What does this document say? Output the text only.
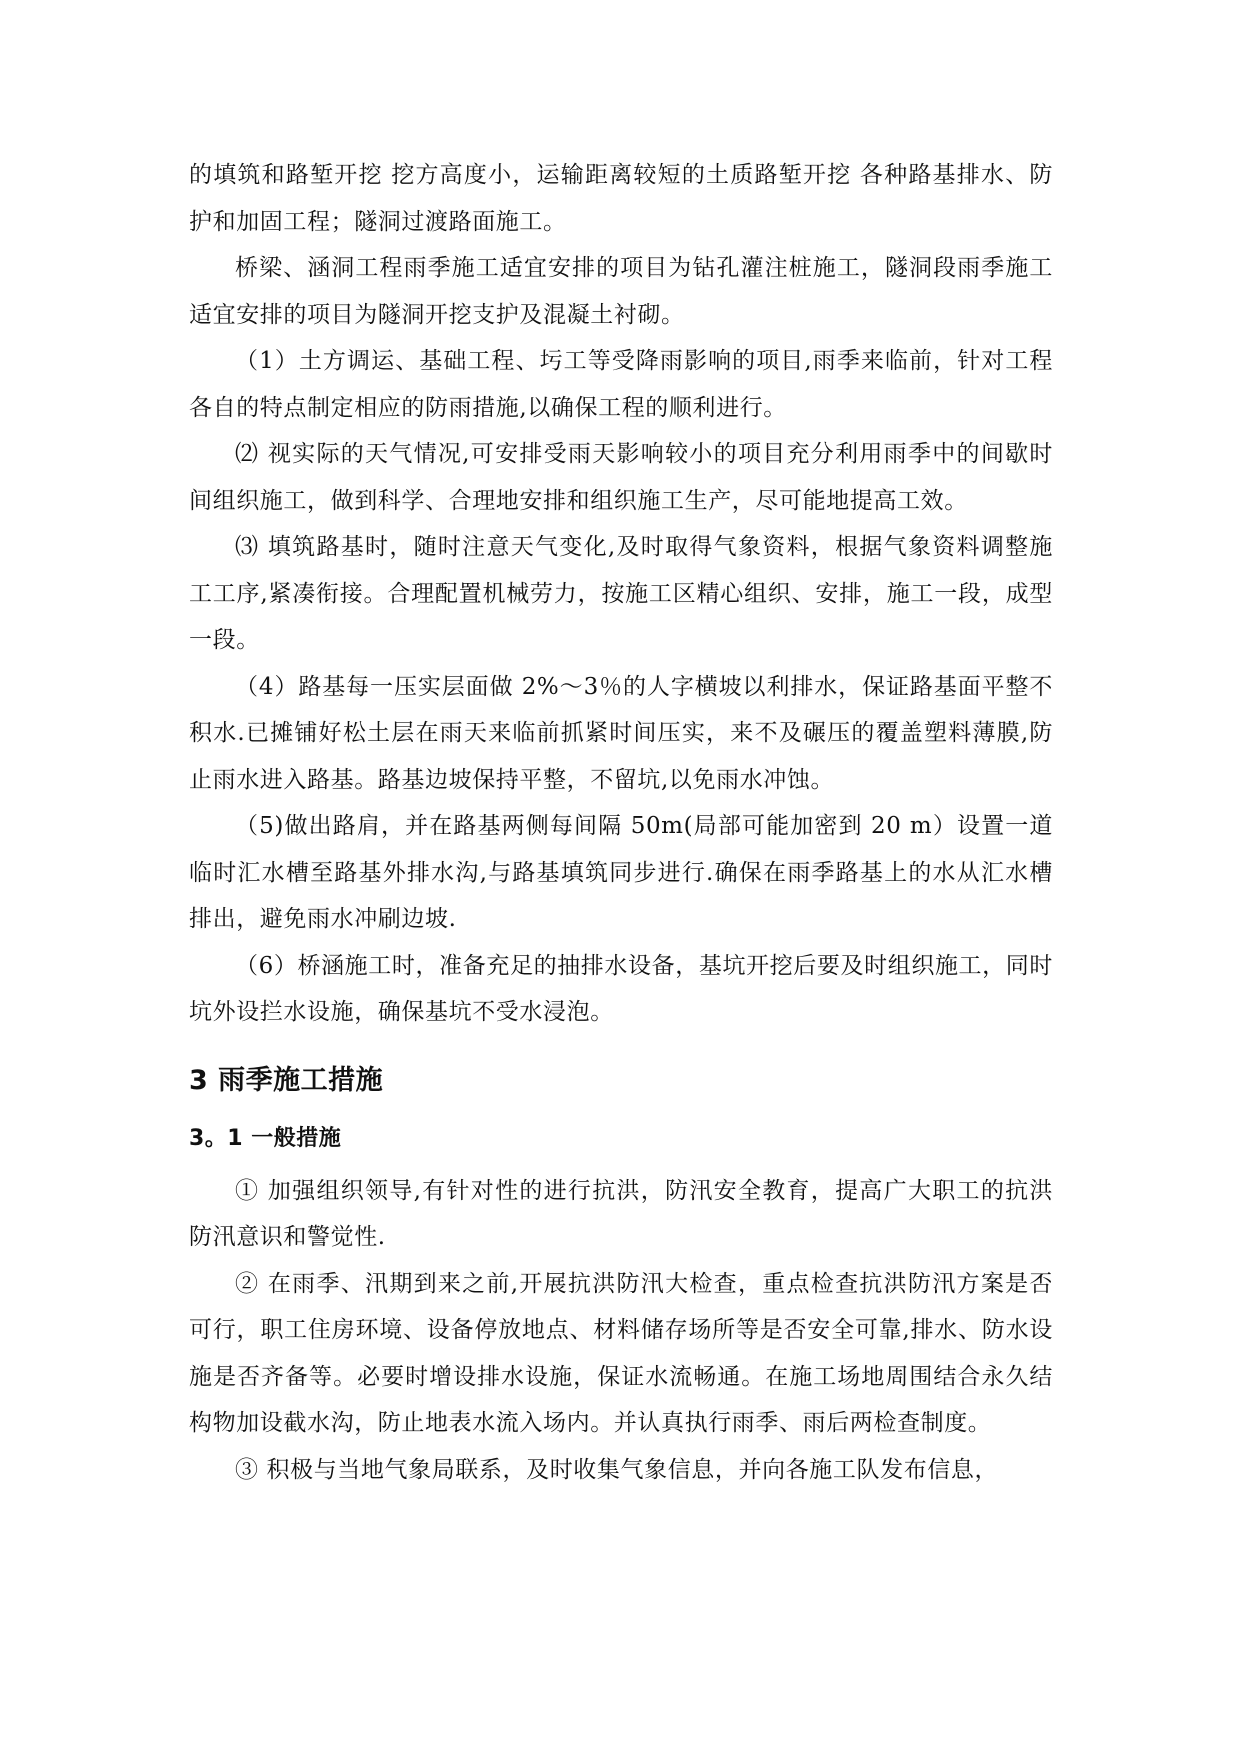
的填筑和路堑开挖 挖方高度小，运输距离较短的土质路堑开挖 各种路基排水、防护和加固工程；隧洞过渡路面施工。

桥梁、涵洞工程雨季施工适宜安排的项目为钻孔灌注桩施工，隧洞段雨季施工适宜安排的项目为隧洞开挖支护及混凝土衬砌。

（1）土方调运、基础工程、圬工等受降雨影响的项目,雨季来临前，针对工程各自的特点制定相应的防雨措施,以确保工程的顺利进行。

⑵ 视实际的天气情况,可安排受雨天影响较小的项目充分利用雨季中的间歇时间组织施工，做到科学、合理地安排和组织施工生产，尽可能地提高工效。

⑶ 填筑路基时，随时注意天气变化,及时取得气象资料，根据气象资料调整施工工序,紧凑衔接。合理配置机械劳力，按施工区精心组织、安排，施工一段，成型一段。

（4）路基每一压实层面做 2%～3％的人字横坡以利排水，保证路基面平整不积水.已摊铺好松土层在雨天来临前抓紧时间压实，来不及碾压的覆盖塑料薄膜,防止雨水进入路基。路基边坡保持平整，不留坑,以免雨水冲蚀。

（5)做出路肩，并在路基两侧每间隔 50m(局部可能加密到 20 m）设置一道临时汇水槽至路基外排水沟,与路基填筑同步进行.确保在雨季路基上的水从汇水槽排出，避免雨水冲刷边坡.

（6）桥涵施工时，准备充足的抽排水设备，基坑开挖后要及时组织施工，同时坑外设拦水设施，确保基坑不受水浸泡。

3 雨季施工措施
3。1 一般措施

① 加强组织领导,有针对性的进行抗洪，防汛安全教育，提高广大职工的抗洪防汛意识和警觉性.

② 在雨季、汛期到来之前,开展抗洪防汛大检查，重点检查抗洪防汛方案是否可行，职工住房环境、设备停放地点、材料储存场所等是否安全可靠,排水、防水设施是否齐备等。必要时增设排水设施，保证水流畅通。在施工场地周围结合永久结构物加设截水沟，防止地表水流入场内。并认真执行雨季、雨后两检查制度。

③ 积极与当地气象局联系，及时收集气象信息，并向各施工队发布信息，
